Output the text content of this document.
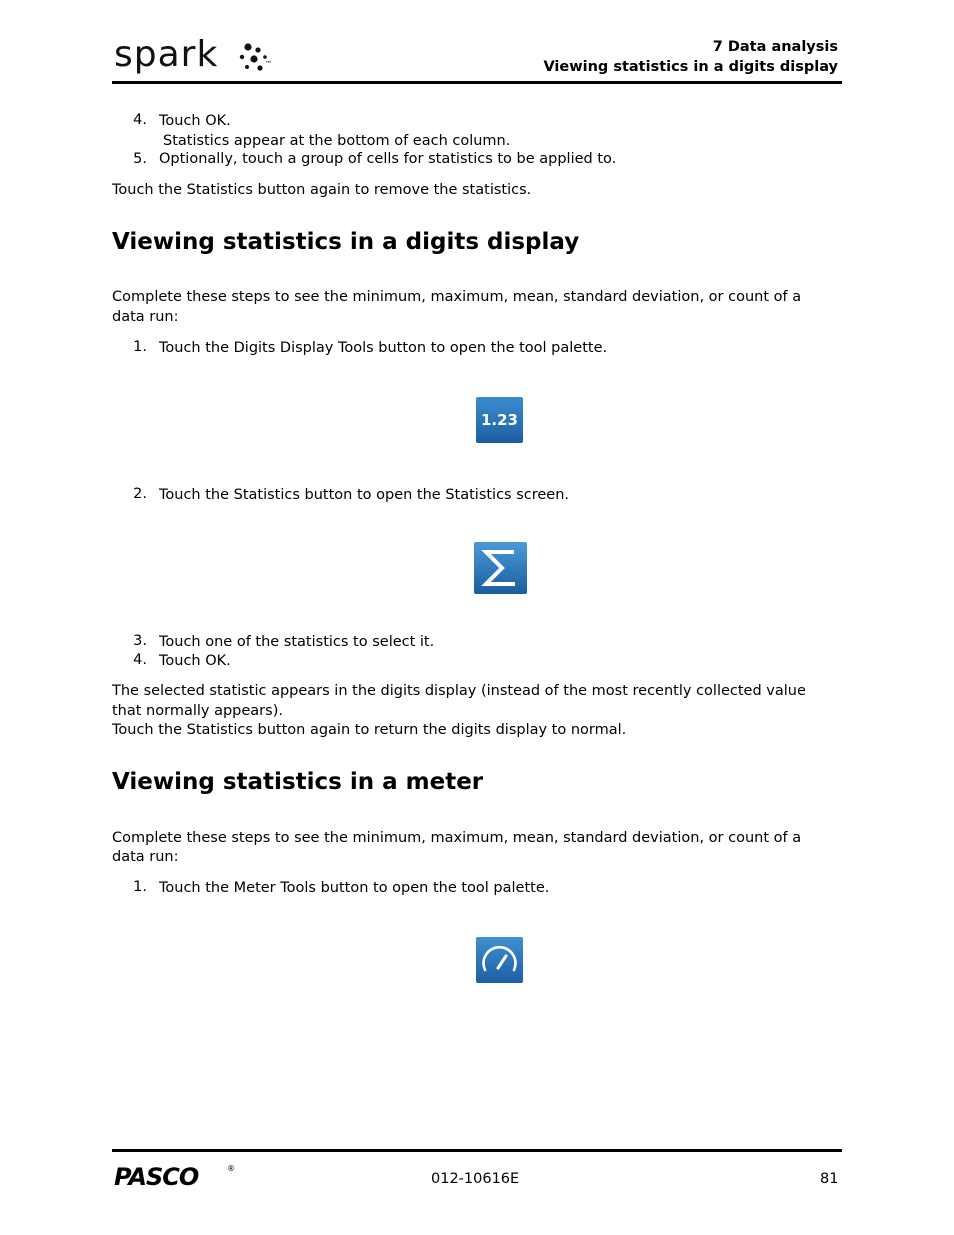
spark	™
7 Data analysis
Viewing statistics in a digits display
4. Touch OK.
Statistics appear at the bottom of each column.
5. Optionally, touch a group of cells for statistics to be applied to.
Touch the Statistics button again to remove the statistics.
Viewing statistics in a digits display
Complete these steps to see the minimum, maximum, mean, standard deviation, or count of a
data run:
1. Touch the Digits Display Tools button to open the tool palette.
1.23
2. Touch the Statistics button to open the Statistics screen.
3. Touch one of the statistics to select it.
4. Touch OK.
The selected statistic appears in the digits display (instead of the most recently collected value
that normally appears).
Touch the Statistics button again to return the digits display to normal.
Viewing statistics in a meter
Complete these steps to see the minimum, maximum, mean, standard deviation, or count of a
data run:
1. Touch the Meter Tools button to open the tool palette.
PASCO	®
012-10616E	81
